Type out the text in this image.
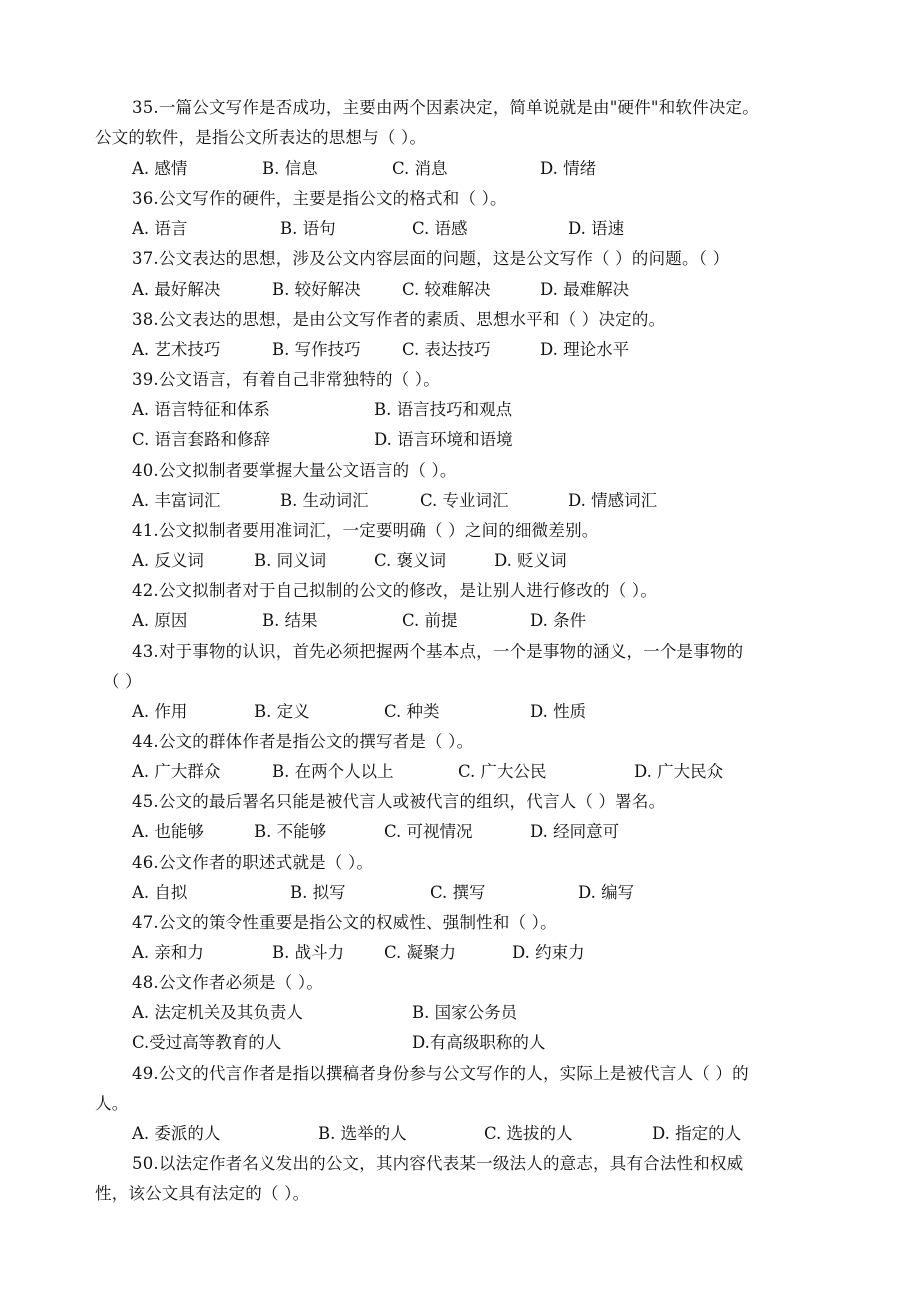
35.一篇公文写作是否成功，主要由两个因素决定，简单说就是由"硬件"和软件决定。
公文的软件，是指公文所表达的思想与（ ）。
A. 感情	B. 信息	C. 消息	D. 情绪
36.公文写作的硬件，主要是指公文的格式和（ ）。
A. 语言	B. 语句	C. 语感	D. 语速
37.公文表达的思想，涉及公文内容层面的问题，这是公文写作（ ）的问题。（ ）
A. 最好解决	B. 较好解决	C. 较难解决	D. 最难解决
38.公文表达的思想，是由公文写作者的素质、思想水平和（ ）决定的。
A. 艺术技巧	B. 写作技巧	C. 表达技巧	D. 理论水平
39.公文语言，有着自己非常独特的（ ）。
A. 语言特征和体系	B. 语言技巧和观点
C. 语言套路和修辞	D. 语言环境和语境
40.公文拟制者要掌握大量公文语言的（ ）。
A. 丰富词汇	B. 生动词汇	C. 专业词汇	D. 情感词汇
41.公文拟制者要用准词汇，一定要明确（ ）之间的细微差别。
A. 反义词	B. 同义词	C. 褒义词	D. 贬义词
42.公文拟制者对于自己拟制的公文的修改，是让别人进行修改的（ ）。
A. 原因	B. 结果	C. 前提	D. 条件
43.对于事物的认识，首先必须把握两个基本点，一个是事物的涵义，一个是事物的
（ ）
A. 作用	B. 定义	C. 种类	D. 性质
44.公文的群体作者是指公文的撰写者是（ ）。
A. 广大群众	B. 在两个人以上	C. 广大公民	D. 广大民众
45.公文的最后署名只能是被代言人或被代言的组织，代言人（ ）署名。
A. 也能够	B. 不能够	C. 可视情况	D. 经同意可
46.公文作者的职述式就是（ ）。
A. 自拟	B. 拟写	C. 撰写	D. 编写
47.公文的策令性重要是指公文的权威性、强制性和（ ）。
A. 亲和力	B. 战斗力 C. 凝聚力	D. 约束力
48.公文作者必须是（ ）。
A. 法定机关及其负责人	B. 国家公务员
C.受过高等教育的人	D.有高级职称的人
49.公文的代言作者是指以撰稿者身份参与公文写作的人，实际上是被代言人（ ）的
人。
A. 委派的人	B. 选举的人	C. 选拔的人	D. 指定的人
50.以法定作者名义发出的公文，其内容代表某一级法人的意志，具有合法性和权威
性，该公文具有法定的（ ）。
